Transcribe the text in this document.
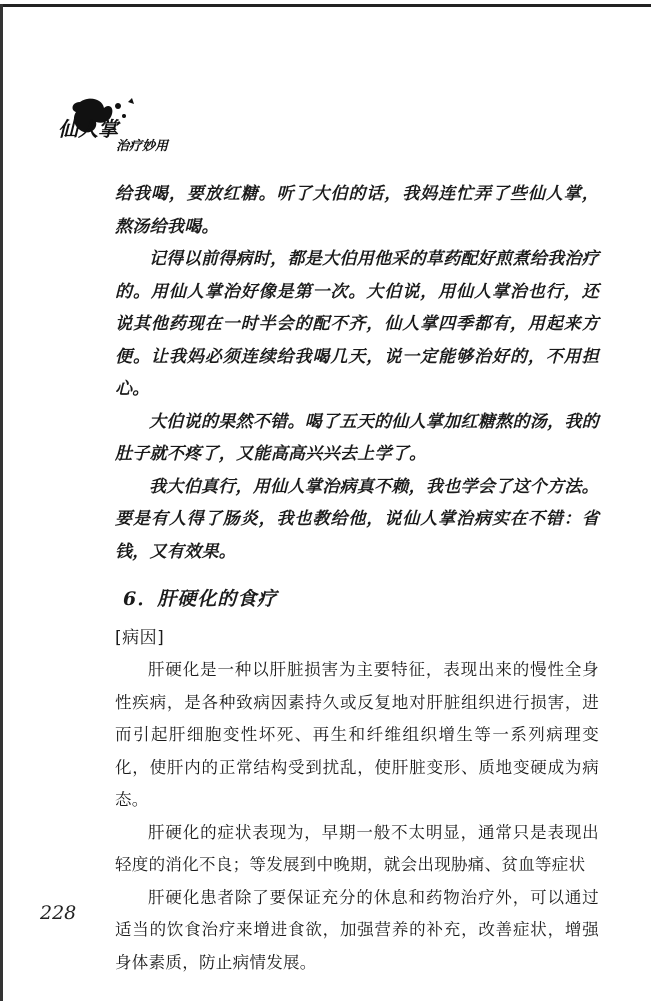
仙人掌
治疗妙用

给我喝，要放红糖。听了大伯的话，我妈连忙弄了些仙人掌，熬汤给我喝。

记得以前得病时，都是大伯用他采的草药配好煎煮给我治疗的。用仙人掌治好像是第一次。大伯说，用仙人掌治也行，还说其他药现在一时半会的配不齐，仙人掌四季都有，用起来方便。让我妈必须连续给我喝几天，说一定能够治好的，不用担心。

大伯说的果然不错。喝了五天的仙人掌加红糖熬的汤，我的肚子就不疼了，又能高高兴兴去上学了。

我大伯真行，用仙人掌治病真不赖，我也学会了这个方法。要是有人得了肠炎，我也教给他，说仙人掌治病实在不错：省钱，又有效果。

6．肝硬化的食疗

[病因]

肝硬化是一种以肝脏损害为主要特征，表现出来的慢性全身性疾病，是各种致病因素持久或反复地对肝脏组织进行损害，进而引起肝细胞变性坏死、再生和纤维组织增生等一系列病理变化，使肝内的正常结构受到扰乱，使肝脏变形、质地变硬成为病态。

肝硬化的症状表现为，早期一般不太明显，通常只是表现出轻度的消化不良；等发展到中晚期，就会出现胁痛、贫血等症状

肝硬化患者除了要保证充分的休息和药物治疗外，可以通过适当的饮食治疗来增进食欲，加强营养的补充，改善症状，增强身体素质，防止病情发展。

228
